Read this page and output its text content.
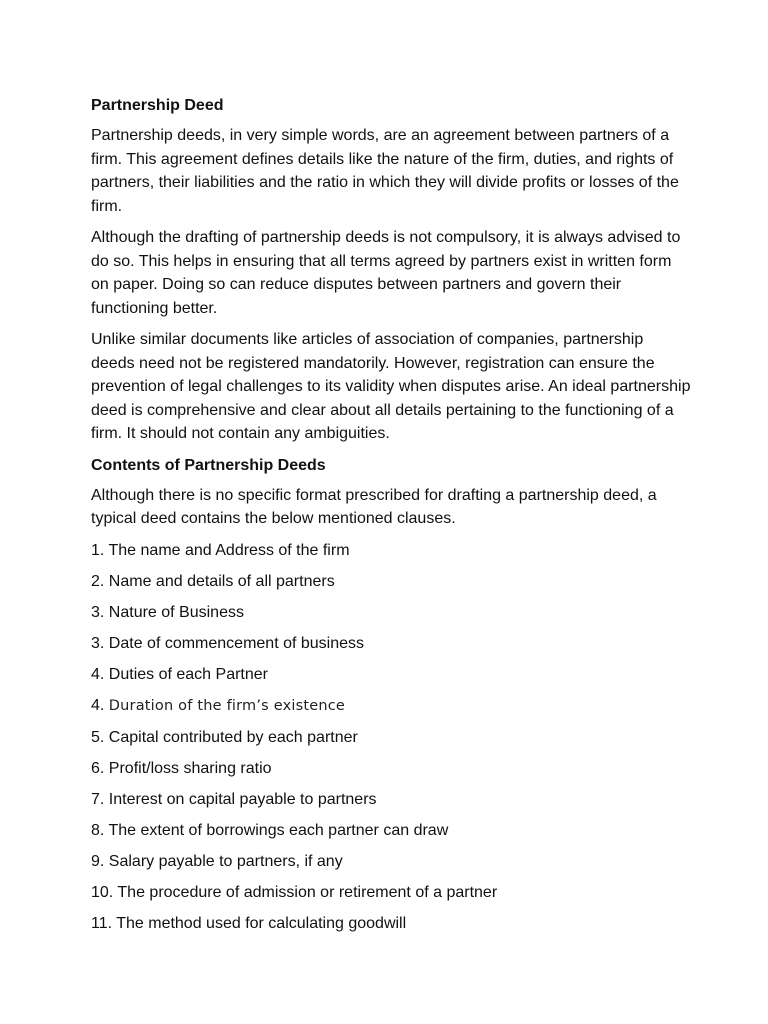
Partnership Deed

Partnership deeds, in very simple words, are an agreement between partners of a firm. This agreement defines details like the nature of the firm, duties, and rights of partners, their liabilities and the ratio in which they will divide profits or losses of the firm.

Although the drafting of partnership deeds is not compulsory, it is always advised to do so. This helps in ensuring that all terms agreed by partners exist in written form on paper. Doing so can reduce disputes between partners and govern their functioning better.

Unlike similar documents like articles of association of companies, partnership deeds need not be registered mandatorily. However, registration can ensure the prevention of legal challenges to its validity when disputes arise. An ideal partnership deed is comprehensive and clear about all details pertaining to the functioning of a firm. It should not contain any ambiguities.

Contents of Partnership Deeds

Although there is no specific format prescribed for drafting a partnership deed, a typical deed contains the below mentioned clauses.

1. The name and Address of the firm
2. Name and details of all partners
3. Nature of Business
3. Date of commencement of business
4. Duties of each Partner
4. Duration of the firm’s existence
5. Capital contributed by each partner
6. Profit/loss sharing ratio
7. Interest on capital payable to partners
8. The extent of borrowings each partner can draw
9. Salary payable to partners, if any
10. The procedure of admission or retirement of a partner
11. The method used for calculating goodwill
